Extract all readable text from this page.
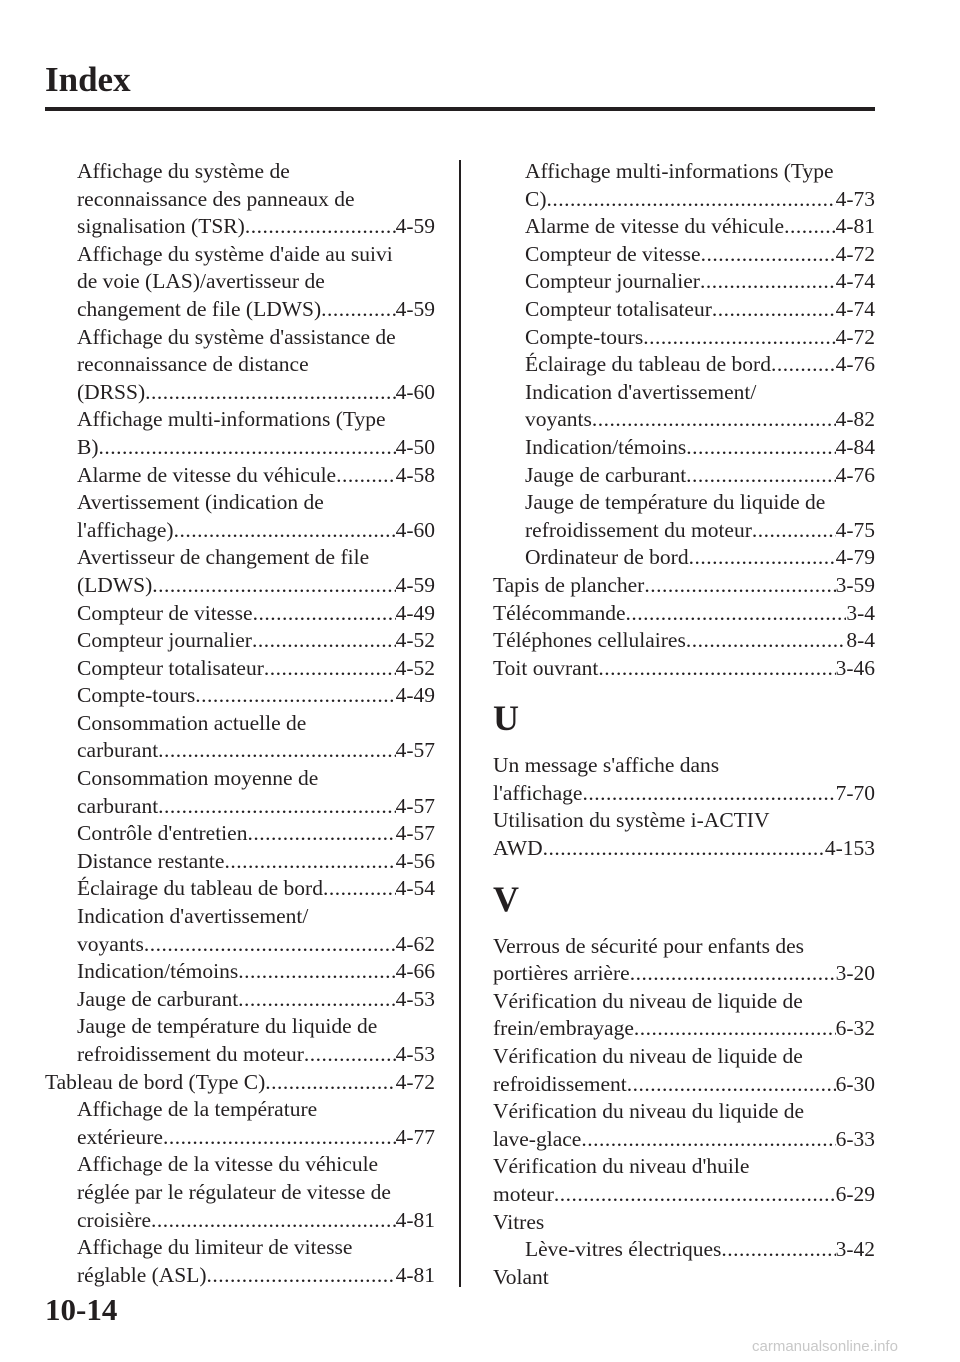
Index
Affichage du système de
reconnaissance des panneaux de
signalisation (TSR) .....	4-59
Affichage du système d'aide au suivi
de voie (LAS)/avertisseur de
changement de file (LDWS) .....	4-59
Affichage du système d'assistance de
reconnaissance de distance
(DRSS) .....	4-60
Affichage multi-informations (Type
B) .....	4-50
Alarme de vitesse du véhicule .....	4-58
Avertissement (indication de
l'affichage) .....	4-60
Avertisseur de changement de file
(LDWS) .....	4-59
Compteur de vitesse .....	4-49
Compteur journalier .....	4-52
Compteur totalisateur .....	4-52
Compte-tours .....	4-49
Consommation actuelle de
carburant .....	4-57
Consommation moyenne de
carburant .....	4-57
Contrôle d'entretien .....	4-57
Distance restante .....	4-56
Éclairage du tableau de bord .....	4-54
Indication d'avertissement/
voyants .....	4-62
Indication/témoins .....	4-66
Jauge de carburant .....	4-53
Jauge de température du liquide de
refroidissement du moteur .....	4-53
Tableau de bord (Type C) .....	4-72
Affichage de la température
extérieure .....	4-77
Affichage de la vitesse du véhicule
réglée par le régulateur de vitesse de
croisière .....	4-81
Affichage du limiteur de vitesse
réglable (ASL) .....	4-81
Affichage multi-informations (Type
C) .....	4-73
Alarme de vitesse du véhicule ..... 4-81
Compteur de vitesse .....	4-72
Compteur journalier .....	4-74
Compteur totalisateur .....	4-74
Compte-tours .....	4-72
Éclairage du tableau de bord .....	4-76
Indication d'avertissement/
voyants .....	4-82
Indication/témoins .....	4-84
Jauge de carburant .....	4-76
Jauge de température du liquide de
refroidissement du moteur .....	4-75
Ordinateur de bord .....	4-79
Tapis de plancher .....	3-59
Télécommande .....	3-4
Téléphones cellulaires .....	8-4
Toit ouvrant .....	3-46
U
Un message s'affiche dans
l'affichage .....	7-70
Utilisation du système i-ACTIV
AWD .....	4-153
V
Verrous de sécurité pour enfants des
portières arrière .....	3-20
Vérification du niveau de liquide de
frein/embrayage .....	6-32
Vérification du niveau de liquide de
refroidissement .....	6-30
Vérification du niveau du liquide de
lave-glace .....	6-33
Vérification du niveau d'huile
moteur .....	6-29
Vitres
Lève-vitres électriques .....	3-42
Volant
10-14
carmanualsonline.info
